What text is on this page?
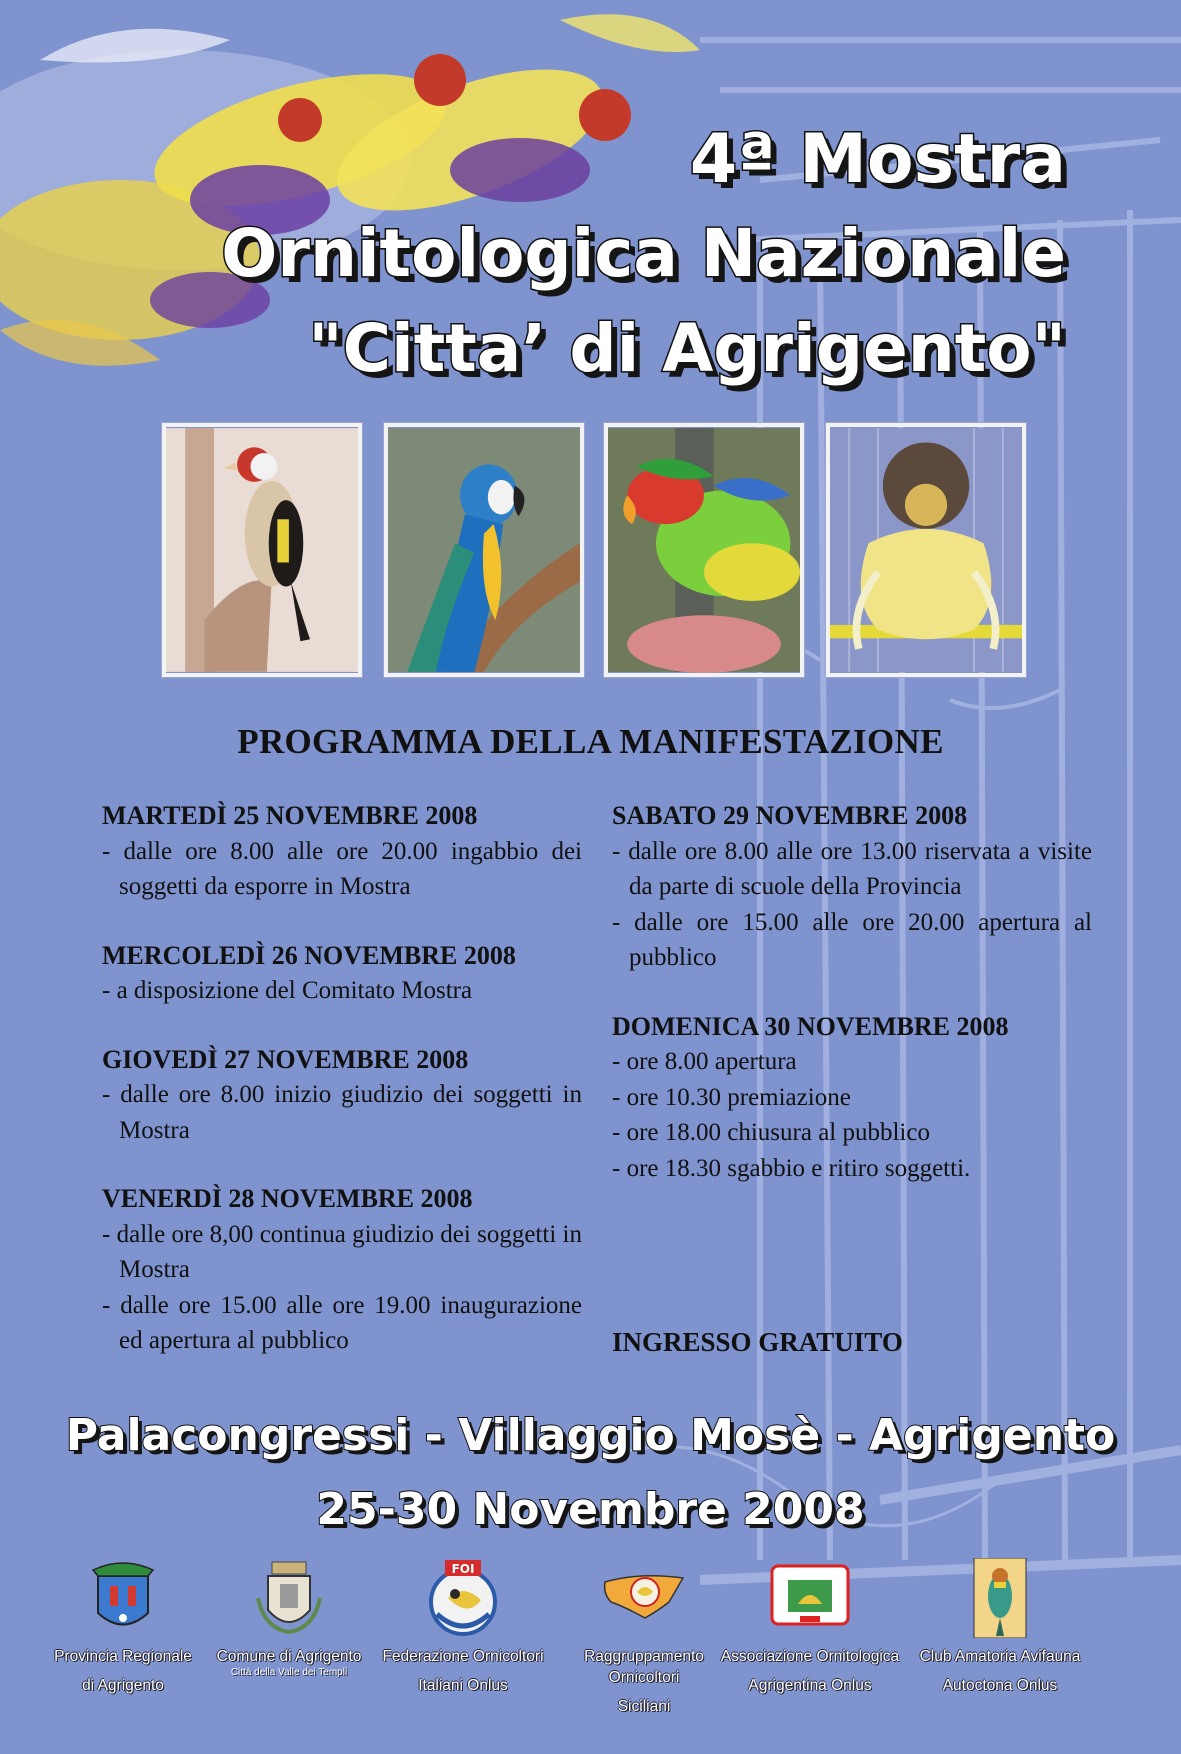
4ª Mostra
Ornitologica Nazionale
"Citta’ di Agrigento"
PROGRAMMA DELLA MANIFESTAZIONE
MARTEDÌ 25 NOVEMBRE 2008

- dalle ore 8.00 alle ore 20.00 ingabbio dei soggetti da esporre in Mostra

MERCOLEDÌ 26 NOVEMBRE 2008

- a disposizione del Comitato Mostra

GIOVEDÌ 27 NOVEMBRE 2008

- dalle ore 8.00 inizio giudizio dei soggetti in Mostra

VENERDÌ 28 NOVEMBRE 2008

- dalle ore 8,00 continua giudizio dei soggetti in Mostra

- dalle ore 15.00 alle ore 19.00 inaugurazione ed apertura al pubblico

SABATO 29 NOVEMBRE 2008

- dalle ore 8.00 alle ore 13.00 riservata a visite da parte di scuole della Provincia

- dalle ore 15.00 alle ore 20.00 apertura al pubblico

DOMENICA 30 NOVEMBRE 2008

- ore 8.00 apertura

- ore 10.30 premiazione

- ore 18.00 chiusura al pubblico

- ore 18.30 sgabbio e ritiro soggetti.

INGRESSO GRATUITO
Palacongressi - Villaggio Mosè - Agrigento
25-30 Novembre 2008
Provincia Regionale
di Agrigento
Comune di Agrigento
Città della Valle dei Templi
FOI
Federazione Ornicoltori
Italiani Onlus
Raggruppamento Ornicoltori
Siciliani
Associazione Ornitologica
Agrigentina Onlus
Club Amatoria Avifauna
Autoctona Onlus
